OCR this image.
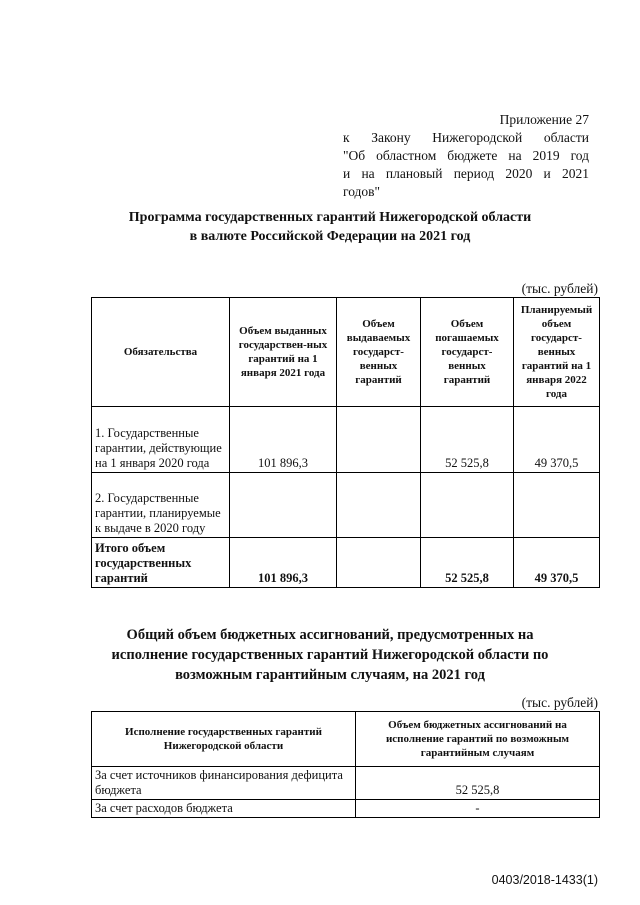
Приложение 27
к Закону Нижегородской области
"Об областном бюджете на 2019 год
и на плановый период 2020 и 2021
годов"
Программа государственных гарантий Нижегородской области
в валюте Российской Федерации на 2021 год
(тыс. рублей)
Обязательства	Объем выданных государствен-ных гарантий на 1 января 2021 года	Объем выдаваемых государст-венных гарантий	Объем погашаемых государст-венных гарантий	Планируемый объем государст-венных гарантий на 1 января 2022 года
1. Государственные гарантии, действующие на 1 января 2020 года	101 896,3		52 525,8	49 370,5
2. Государственные гарантии, планируемые к выдаче в 2020 году				
Итого объем государственных гарантий	101 896,3		52 525,8	49 370,5
Общий объем бюджетных ассигнований, предусмотренных на
исполнение государственных гарантий Нижегородской области по
возможным гарантийным случаям, на 2021 год
(тыс. рублей)
Исполнение государственных гарантий Нижегородской области	Объем бюджетных ассигнований на исполнение гарантий по возможным гарантийным случаям
За счет источников финансирования дефицита бюджета	52 525,8
За счет расходов бюджета	-
0403/2018-1433(1)
